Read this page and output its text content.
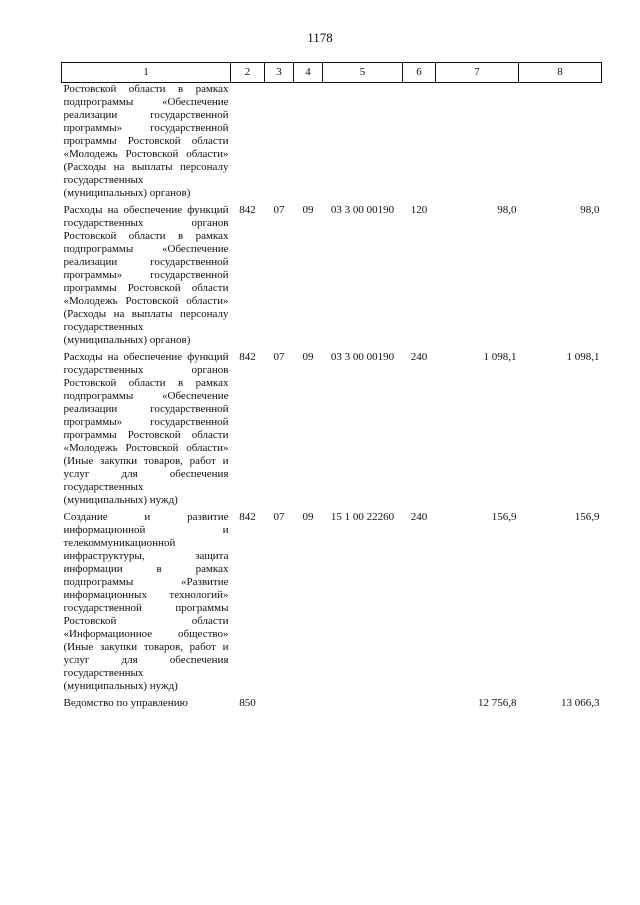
1178
1	2	3	4	5	6	7	8
Ростовской области в рамках подпрограммы «Обеспечение реализации государственной программы» государственной программы Ростовской области «Молодежь Ростовской области» (Расходы на выплаты персоналу государственных (муниципальных) органов)							
Расходы на обеспечение функций государственных органов Ростовской области в рамках подпрограммы «Обеспечение реализации государственной программы» государственной программы Ростовской области «Молодежь Ростовской области» (Расходы на выплаты персоналу государственных (муниципальных) органов)	842	07	09	03 3 00 00190	120	98,0	98,0
Расходы на обеспечение функций государственных органов Ростовской области в рамках подпрограммы «Обеспечение реализации государственной программы» государственной программы Ростовской области «Молодежь Ростовской области» (Иные закупки товаров, работ и услуг для обеспечения государственных (муниципальных) нужд)	842	07	09	03 3 00 00190	240	1 098,1	1 098,1
Создание и развитие информационной и телекоммуникационной инфраструктуры, защита информации в рамках подпрограммы «Развитие информационных технологий» государственной программы Ростовской области «Информационное общество» (Иные закупки товаров, работ и услуг для обеспечения государственных (муниципальных) нужд)	842	07	09	15 1 00 22260	240	156,9	156,9
Ведомство по управлению	850					12 756,8	13 066,3
